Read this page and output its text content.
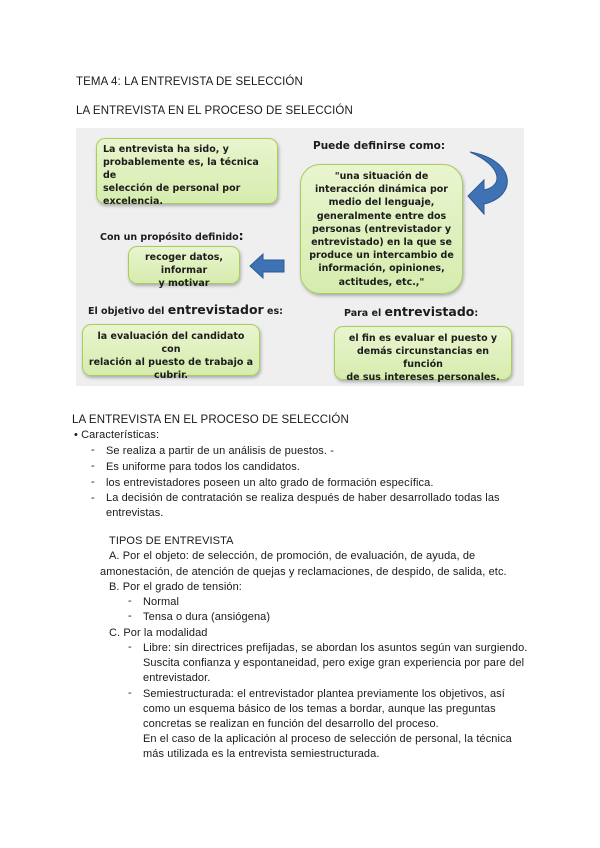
TEMA 4: LA ENTREVISTA DE SELECCIÓN
LA ENTREVISTA EN EL PROCESO DE SELECCIÓN
La entrevista ha sido, y
probablemente es, la técnica de
selección de personal por
excelencia.
Puede definirse como:
"una situación de
interacción dinámica por
medio del lenguaje,
generalmente entre dos
personas (entrevistador y
entrevistado) en la que se
produce un intercambio de
información, opiniones,
actitudes, etc.,"
Con un propósito definido:
recoger datos, informar
y motivar
El objetivo del entrevistador es:
la evaluación del candidato con
relación al puesto de trabajo a
cubrir.
Para el entrevistado:
el fin es evaluar el puesto y
demás circunstancias en función
de sus intereses personales.
LA ENTREVISTA EN EL PROCESO DE SELECCIÓN
• Características:
- Se realiza a partir de un análisis de puestos. -
- Es uniforme para todos los candidatos.
- los entrevistadores poseen un alto grado de formación específica.
- La decisión de contratación se realiza después de haber desarrollado todas las
entrevistas.
TIPOS DE ENTREVISTA
A. Por el objeto: de selección, de promoción, de evaluación, de ayuda, de
amonestación, de atención de quejas y reclamaciones, de despido, de salida, etc.
B. Por el grado de tensión:
- Normal
- Tensa o dura (ansiógena)
C. Por la modalidad
- Libre: sin directrices prefijadas, se abordan los asuntos según van surgiendo.
Suscita confianza y espontaneidad, pero exige gran experiencia por pare del
entrevistador.
- Semiestructurada: el entrevistador plantea previamente los objetivos, así
como un esquema básico de los temas a bordar, aunque las preguntas
concretas se realizan en función del desarrollo del proceso.
En el caso de la aplicación al proceso de selección de personal, la técnica
más utilizada es la entrevista semiestructurada.
